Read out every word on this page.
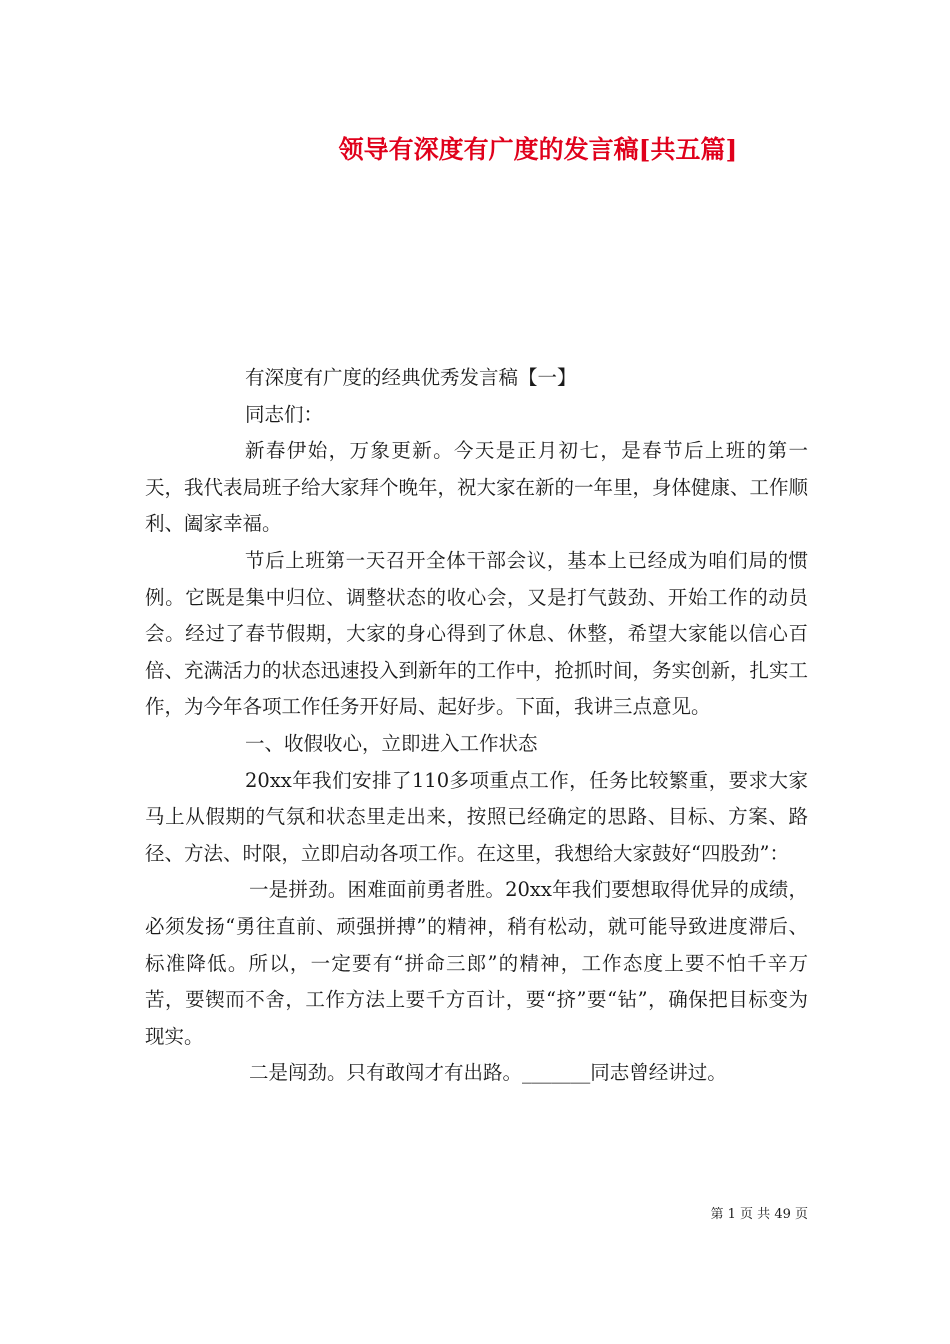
领导有深度有广度的发言稿[共五篇]

有深度有广度的经典优秀发言稿【一】

同志们：

新春伊始，万象更新。今天是正月初七，是春节后上班的第一天，我代表局班子给大家拜个晚年，祝大家在新的一年里，身体健康、工作顺利、阖家幸福。

节后上班第一天召开全体干部会议，基本上已经成为咱们局的惯例。它既是集中归位、调整状态的收心会，又是打气鼓劲、开始工作的动员会。经过了春节假期，大家的身心得到了休息、休整，希望大家能以信心百倍、充满活力的状态迅速投入到新年的工作中，抢抓时间，务实创新，扎实工作，为今年各项工作任务开好局、起好步。下面，我讲三点意见。

一、收假收心，立即进入工作状态

20xx年我们安排了110多项重点工作，任务比较繁重，要求大家马上从假期的气氛和状态里走出来，按照已经确定的思路、目标、方案、路径、方法、时限，立即启动各项工作。在这里，我想给大家鼓好“四股劲”：

一是拼劲。困难面前勇者胜。20xx年我们要想取得优异的成绩，必须发扬“勇往直前、顽强拼搏”的精神，稍有松动，就可能导致进度滞后、标准降低。所以，一定要有“拼命三郎”的精神，工作态度上要不怕千辛万苦，要锲而不舍，工作方法上要千方百计，要“挤”要“钻”，确保把目标变为现实。

二是闯劲。只有敢闯才有出路。_______同志曾经讲过。

第 1 页 共 49 页
